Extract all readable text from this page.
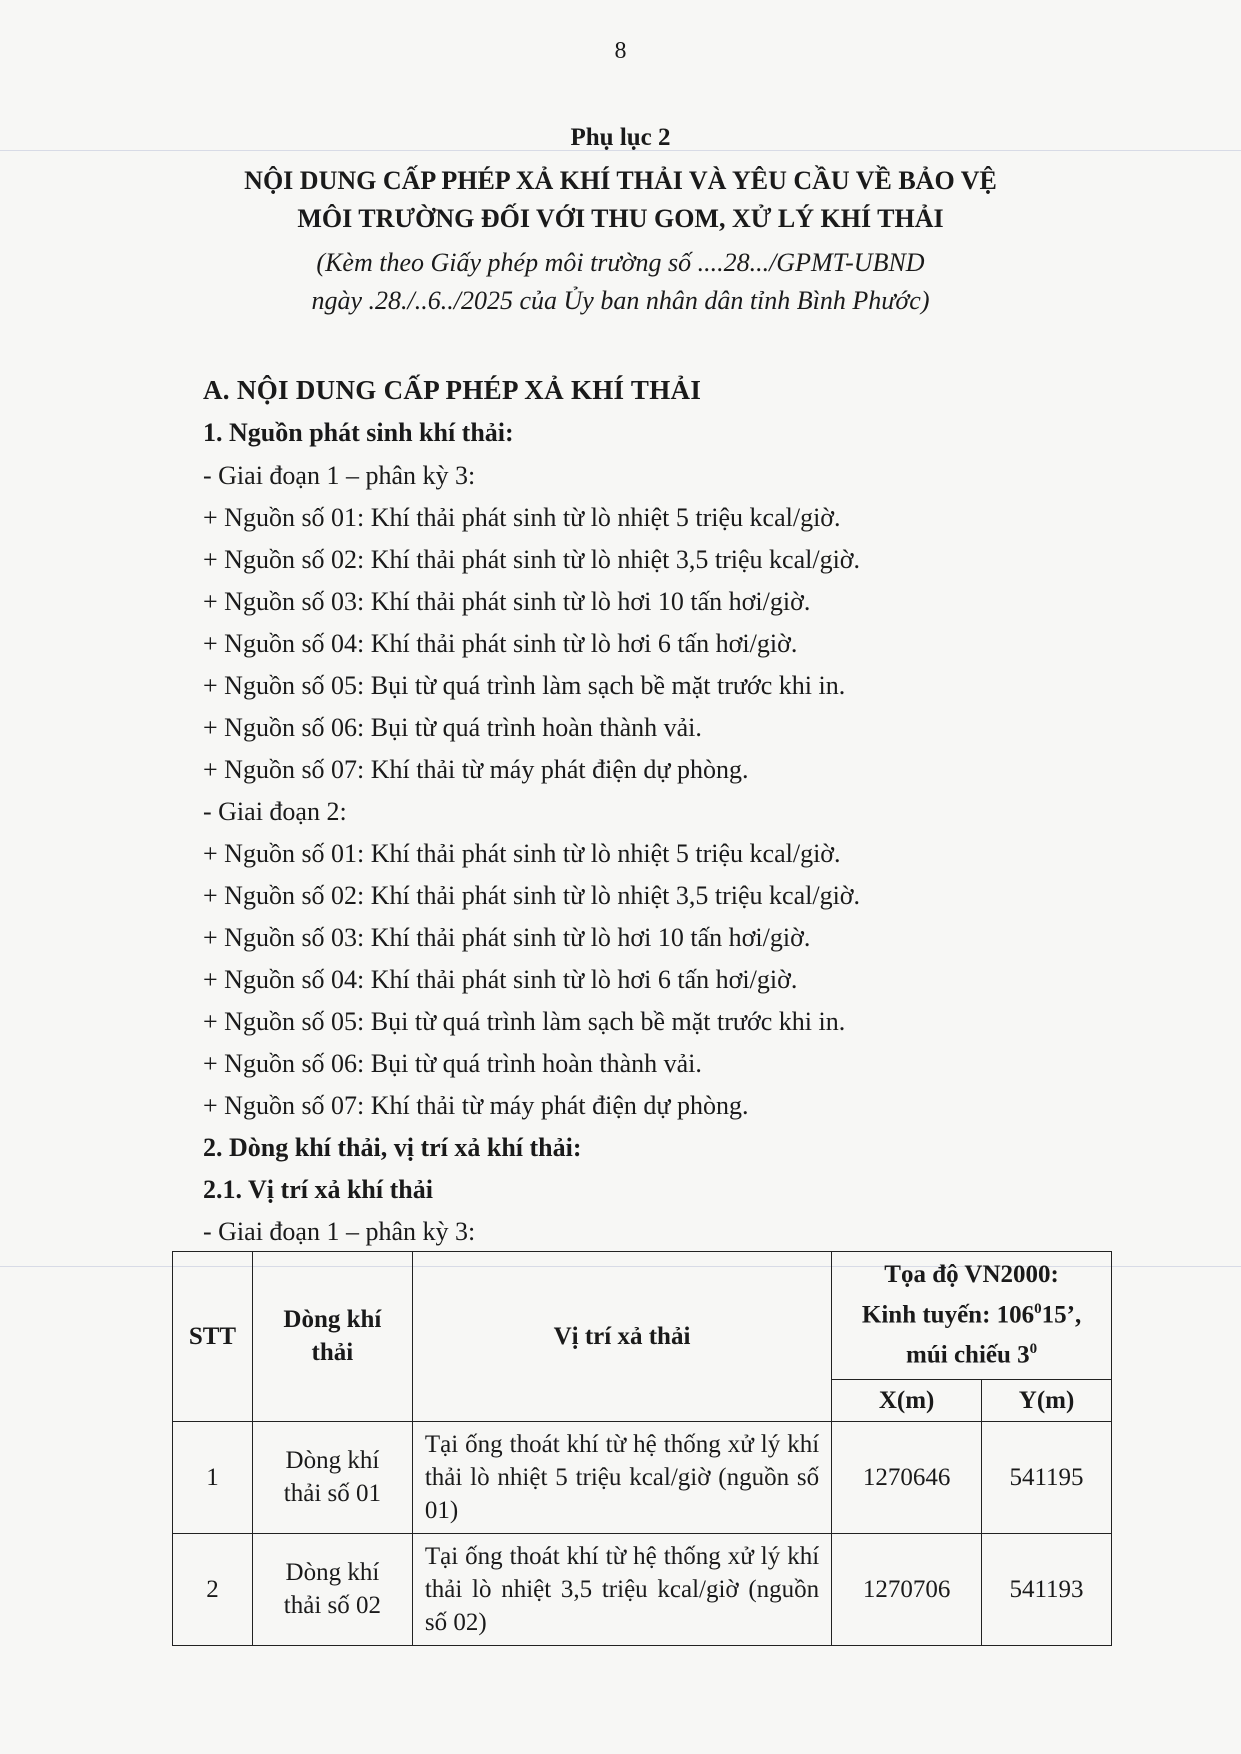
8
Phụ lục 2
NỘI DUNG CẤP PHÉP XẢ KHÍ THẢI VÀ YÊU CẦU VỀ BẢO VỆ
MÔI TRƯỜNG ĐỐI VỚI THU GOM, XỬ LÝ KHÍ THẢI
(Kèm theo Giấy phép môi trường số ....28.../GPMT-UBND
ngày .28./..6../2025 của Ủy ban nhân dân tỉnh Bình Phước)
A. NỘI DUNG CẤP PHÉP XẢ KHÍ THẢI
1. Nguồn phát sinh khí thải:
- Giai đoạn 1 – phân kỳ 3:
+ Nguồn số 01: Khí thải phát sinh từ lò nhiệt 5 triệu kcal/giờ.
+ Nguồn số 02: Khí thải phát sinh từ lò nhiệt 3,5 triệu kcal/giờ.
+ Nguồn số 03: Khí thải phát sinh từ lò hơi 10 tấn hơi/giờ.
+ Nguồn số 04: Khí thải phát sinh từ lò hơi 6 tấn hơi/giờ.
+ Nguồn số 05: Bụi từ quá trình làm sạch bề mặt trước khi in.
+ Nguồn số 06: Bụi từ quá trình hoàn thành vải.
+ Nguồn số 07: Khí thải từ máy phát điện dự phòng.
- Giai đoạn 2:
+ Nguồn số 01: Khí thải phát sinh từ lò nhiệt 5 triệu kcal/giờ.
+ Nguồn số 02: Khí thải phát sinh từ lò nhiệt 3,5 triệu kcal/giờ.
+ Nguồn số 03: Khí thải phát sinh từ lò hơi 10 tấn hơi/giờ.
+ Nguồn số 04: Khí thải phát sinh từ lò hơi 6 tấn hơi/giờ.
+ Nguồn số 05: Bụi từ quá trình làm sạch bề mặt trước khi in.
+ Nguồn số 06: Bụi từ quá trình hoàn thành vải.
+ Nguồn số 07: Khí thải từ máy phát điện dự phòng.
2. Dòng khí thải, vị trí xả khí thải:
2.1. Vị trí xả khí thải
- Giai đoạn 1 – phân kỳ 3:
STT	Dòng khí thải	Vị trí xả thải	Tọa độ VN2000:
Kinh tuyến: $106^015$’,
múi chiếu $3^0$

			X(m)	Y(m)
1	Dòng khí thải số 01	Tại ống thoát khí từ hệ thống xử lý khí thải lò nhiệt 5 triệu kcal/giờ (nguồn số 01)	1270646	541195
2	Dòng khí thải số 02	Tại ống thoát khí từ hệ thống xử lý khí thải lò nhiệt 3,5 triệu kcal/giờ (nguồn số 02)	1270706	541193
